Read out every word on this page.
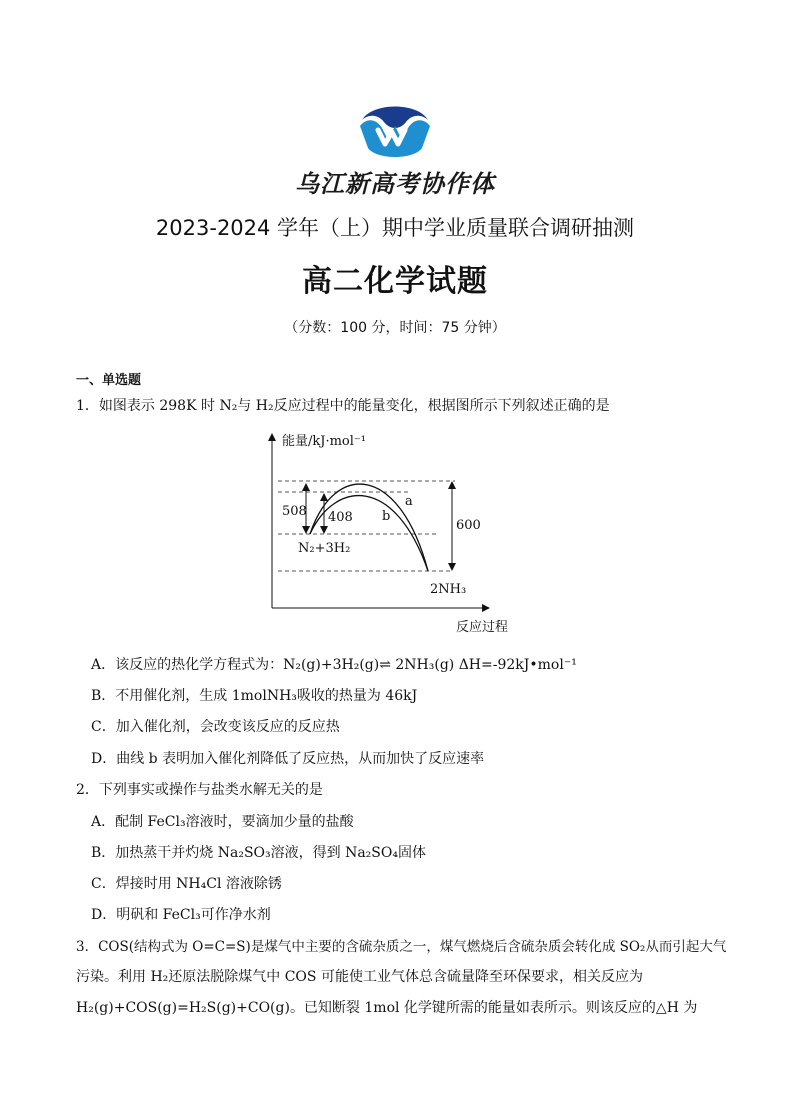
乌江新高考协作体
2023-2024 学年（上）期中学业质量联合调研抽测
高二化学试题
（分数：100 分，时间：75 分钟）
一、单选题
1．如图表示 298K 时 N₂与 H₂反应过程中的能量变化，根据图所示下列叙述正确的是
能量/kJ·mol⁻¹
反应过程
a
b
508 408
600
N₂+3H₂
2NH₃
A．该反应的热化学方程式为：N₂(g)+3H₂(g)⇌ 2NH₃(g) ΔH=-92kJ•mol⁻¹
B．不用催化剂，生成 1molNH₃吸收的热量为 46kJ
C．加入催化剂，会改变该反应的反应热
D．曲线 b 表明加入催化剂降低了反应热，从而加快了反应速率
2．下列事实或操作与盐类水解无关的是
A．配制 FeCl₃溶液时，要滴加少量的盐酸
B．加热蒸干并灼烧 Na₂SO₃溶液，得到 Na₂SO₄固体
C．焊接时用 NH₄Cl 溶液除锈
D．明矾和 FeCl₃可作净水剂
3．COS(结构式为 O=C=S)是煤气中主要的含硫杂质之一，煤气燃烧后含硫杂质会转化成 SO₂从而引起大气
污染。利用 H₂还原法脱除煤气中 COS 可能使工业气体总含硫量降至环保要求，相关反应为
H₂(g)+COS(g)=H₂S(g)+CO(g)。已知断裂 1mol 化学键所需的能量如表所示。则该反应的△H 为
